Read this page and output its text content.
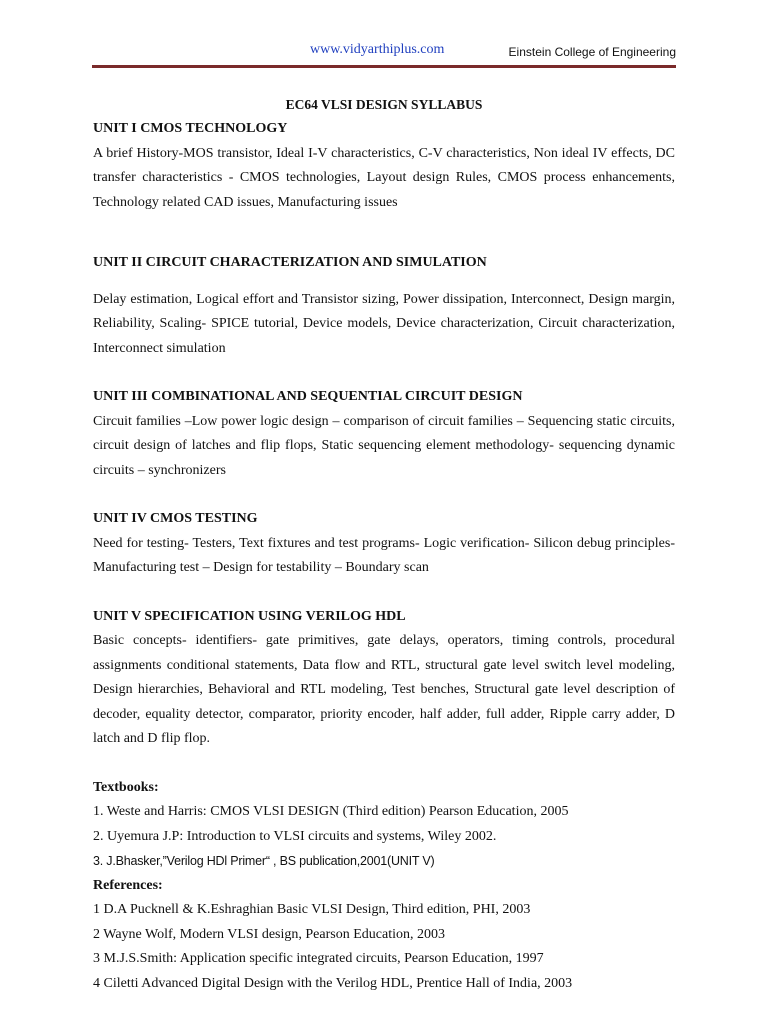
www.vidyarthiplus.com	Einstein College of Engineering

EC64 VLSI DESIGN SYLLABUS

UNIT I CMOS TECHNOLOGY

A brief History-MOS transistor, Ideal I-V characteristics, C-V characteristics, Non ideal IV effects, DC transfer characteristics - CMOS technologies, Layout design Rules, CMOS process enhancements, Technology related CAD issues, Manufacturing issues

UNIT II CIRCUIT CHARACTERIZATION AND SIMULATION

Delay estimation, Logical effort and Transistor sizing, Power dissipation, Interconnect, Design margin, Reliability, Scaling- SPICE tutorial, Device models, Device characterization, Circuit characterization, Interconnect simulation

UNIT III COMBINATIONAL AND SEQUENTIAL CIRCUIT DESIGN

Circuit families –Low power logic design – comparison of circuit families – Sequencing static circuits, circuit design of latches and flip flops, Static sequencing element methodology- sequencing dynamic circuits – synchronizers

UNIT IV CMOS TESTING

Need for testing- Testers, Text fixtures and test programs- Logic verification- Silicon debug principles- Manufacturing test – Design for testability – Boundary scan

UNIT V SPECIFICATION USING VERILOG HDL

Basic concepts- identifiers- gate primitives, gate delays, operators, timing controls, procedural assignments conditional statements, Data flow and RTL, structural gate level switch level modeling, Design hierarchies, Behavioral and RTL modeling, Test benches, Structural gate level description of decoder, equality detector, comparator, priority encoder, half adder, full adder, Ripple carry adder, D latch and D flip flop.

Textbooks:

1. Weste and Harris: CMOS VLSI DESIGN (Third edition) Pearson Education, 2005

2. Uyemura J.P: Introduction to VLSI circuits and systems, Wiley 2002.

3. J.Bhasker,”Verilog HDl Primer“ , BS publication,2001(UNIT V)

References:

1 D.A Pucknell & K.Eshraghian Basic VLSI Design, Third edition, PHI, 2003

2 Wayne Wolf, Modern VLSI design, Pearson Education, 2003

3 M.J.S.Smith: Application specific integrated circuits, Pearson Education, 1997

4 Ciletti Advanced Digital Design with the Verilog HDL, Prentice Hall of India, 2003
